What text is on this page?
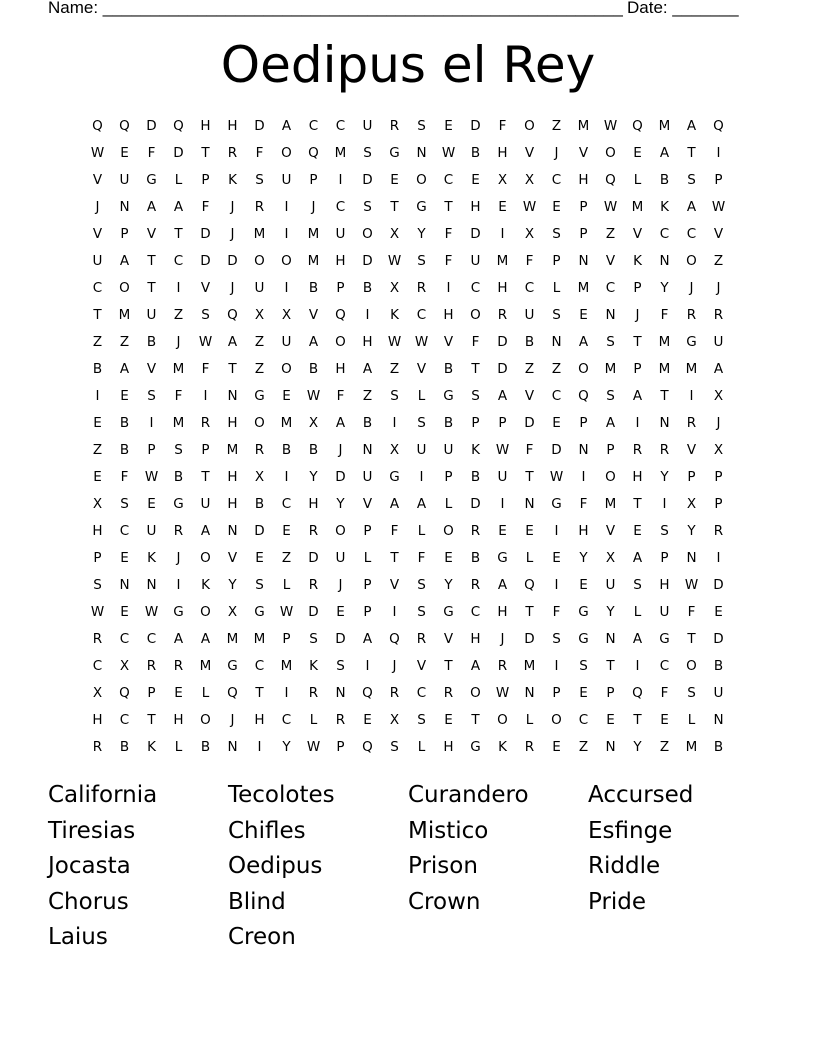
Name: _______________________________________________________ Date: _______
Oedipus el Rey
Q	Q	D	Q	H	H	D	A	C	C	U	R	S	E	D	F	O	Z	M	W	Q	M	A	Q
W	E	F	D	T	R	F	O	Q	M	S	G	N	W	B	H	V	J	V	O	E	A	T	I
V	U	G	L	P	K	S	U	P	I	D	E	O	C	E	X	X	C	H	Q	L	B	S	P
J	N	A	A	F	J	R	I	J	C	S	T	G	T	H	E	W	E	P	W	M	K	A	W
V	P	V	T	D	J	M	I	M	U	O	X	Y	F	D	I	X	S	P	Z	V	C	C	V
U	A	T	C	D	D	O	O	M	H	D	W	S	F	U	M	F	P	N	V	K	N	O	Z
C	O	T	I	V	J	U	I	B	P	B	X	R	I	C	H	C	L	M	C	P	Y	J	J
T	M	U	Z	S	Q	X	X	V	Q	I	K	C	H	O	R	U	S	E	N	J	F	R	R
Z	Z	B	J	W	A	Z	U	A	O	H	W	W	V	F	D	B	N	A	S	T	M	G	U
B	A	V	M	F	T	Z	O	B	H	A	Z	V	B	T	D	Z	Z	O	M	P	M	M	A
I	E	S	F	I	N	G	E	W	F	Z	S	L	G	S	A	V	C	Q	S	A	T	I	X
E	B	I	M	R	H	O	M	X	A	B	I	S	B	P	P	D	E	P	A	I	N	R	J
Z	B	P	S	P	M	R	B	B	J	N	X	U	U	K	W	F	D	N	P	R	R	V	X
E	F	W	B	T	H	X	I	Y	D	U	G	I	P	B	U	T	W	I	O	H	Y	P	P
X	S	E	G	U	H	B	C	H	Y	V	A	A	L	D	I	N	G	F	M	T	I	X	P
H	C	U	R	A	N	D	E	R	O	P	F	L	O	R	E	E	I	H	V	E	S	Y	R
P	E	K	J	O	V	E	Z	D	U	L	T	F	E	B	G	L	E	Y	X	A	P	N	I
S	N	N	I	K	Y	S	L	R	J	P	V	S	Y	R	A	Q	I	E	U	S	H	W	D
W	E	W	G	O	X	G	W	D	E	P	I	S	G	C	H	T	F	G	Y	L	U	F	E
R	C	C	A	A	M	M	P	S	D	A	Q	R	V	H	J	D	S	G	N	A	G	T	D
C	X	R	R	M	G	C	M	K	S	I	J	V	T	A	R	M	I	S	T	I	C	O	B
X	Q	P	E	L	Q	T	I	R	N	Q	R	C	R	O	W	N	P	E	P	Q	F	S	U
H	C	T	H	O	J	H	C	L	R	E	X	S	E	T	O	L	O	C	E	T	E	L	N
R	B	K	L	B	N	I	Y	W	P	Q	S	L	H	G	K	R	E	Z	N	Y	Z	M	B
California	Tecolotes	Curandero	Accursed
Tiresias	Chifles	Mistico	Esfinge
Jocasta	Oedipus	Prison	Riddle
Chorus	Blind	Crown	Pride
Laius	Creon
